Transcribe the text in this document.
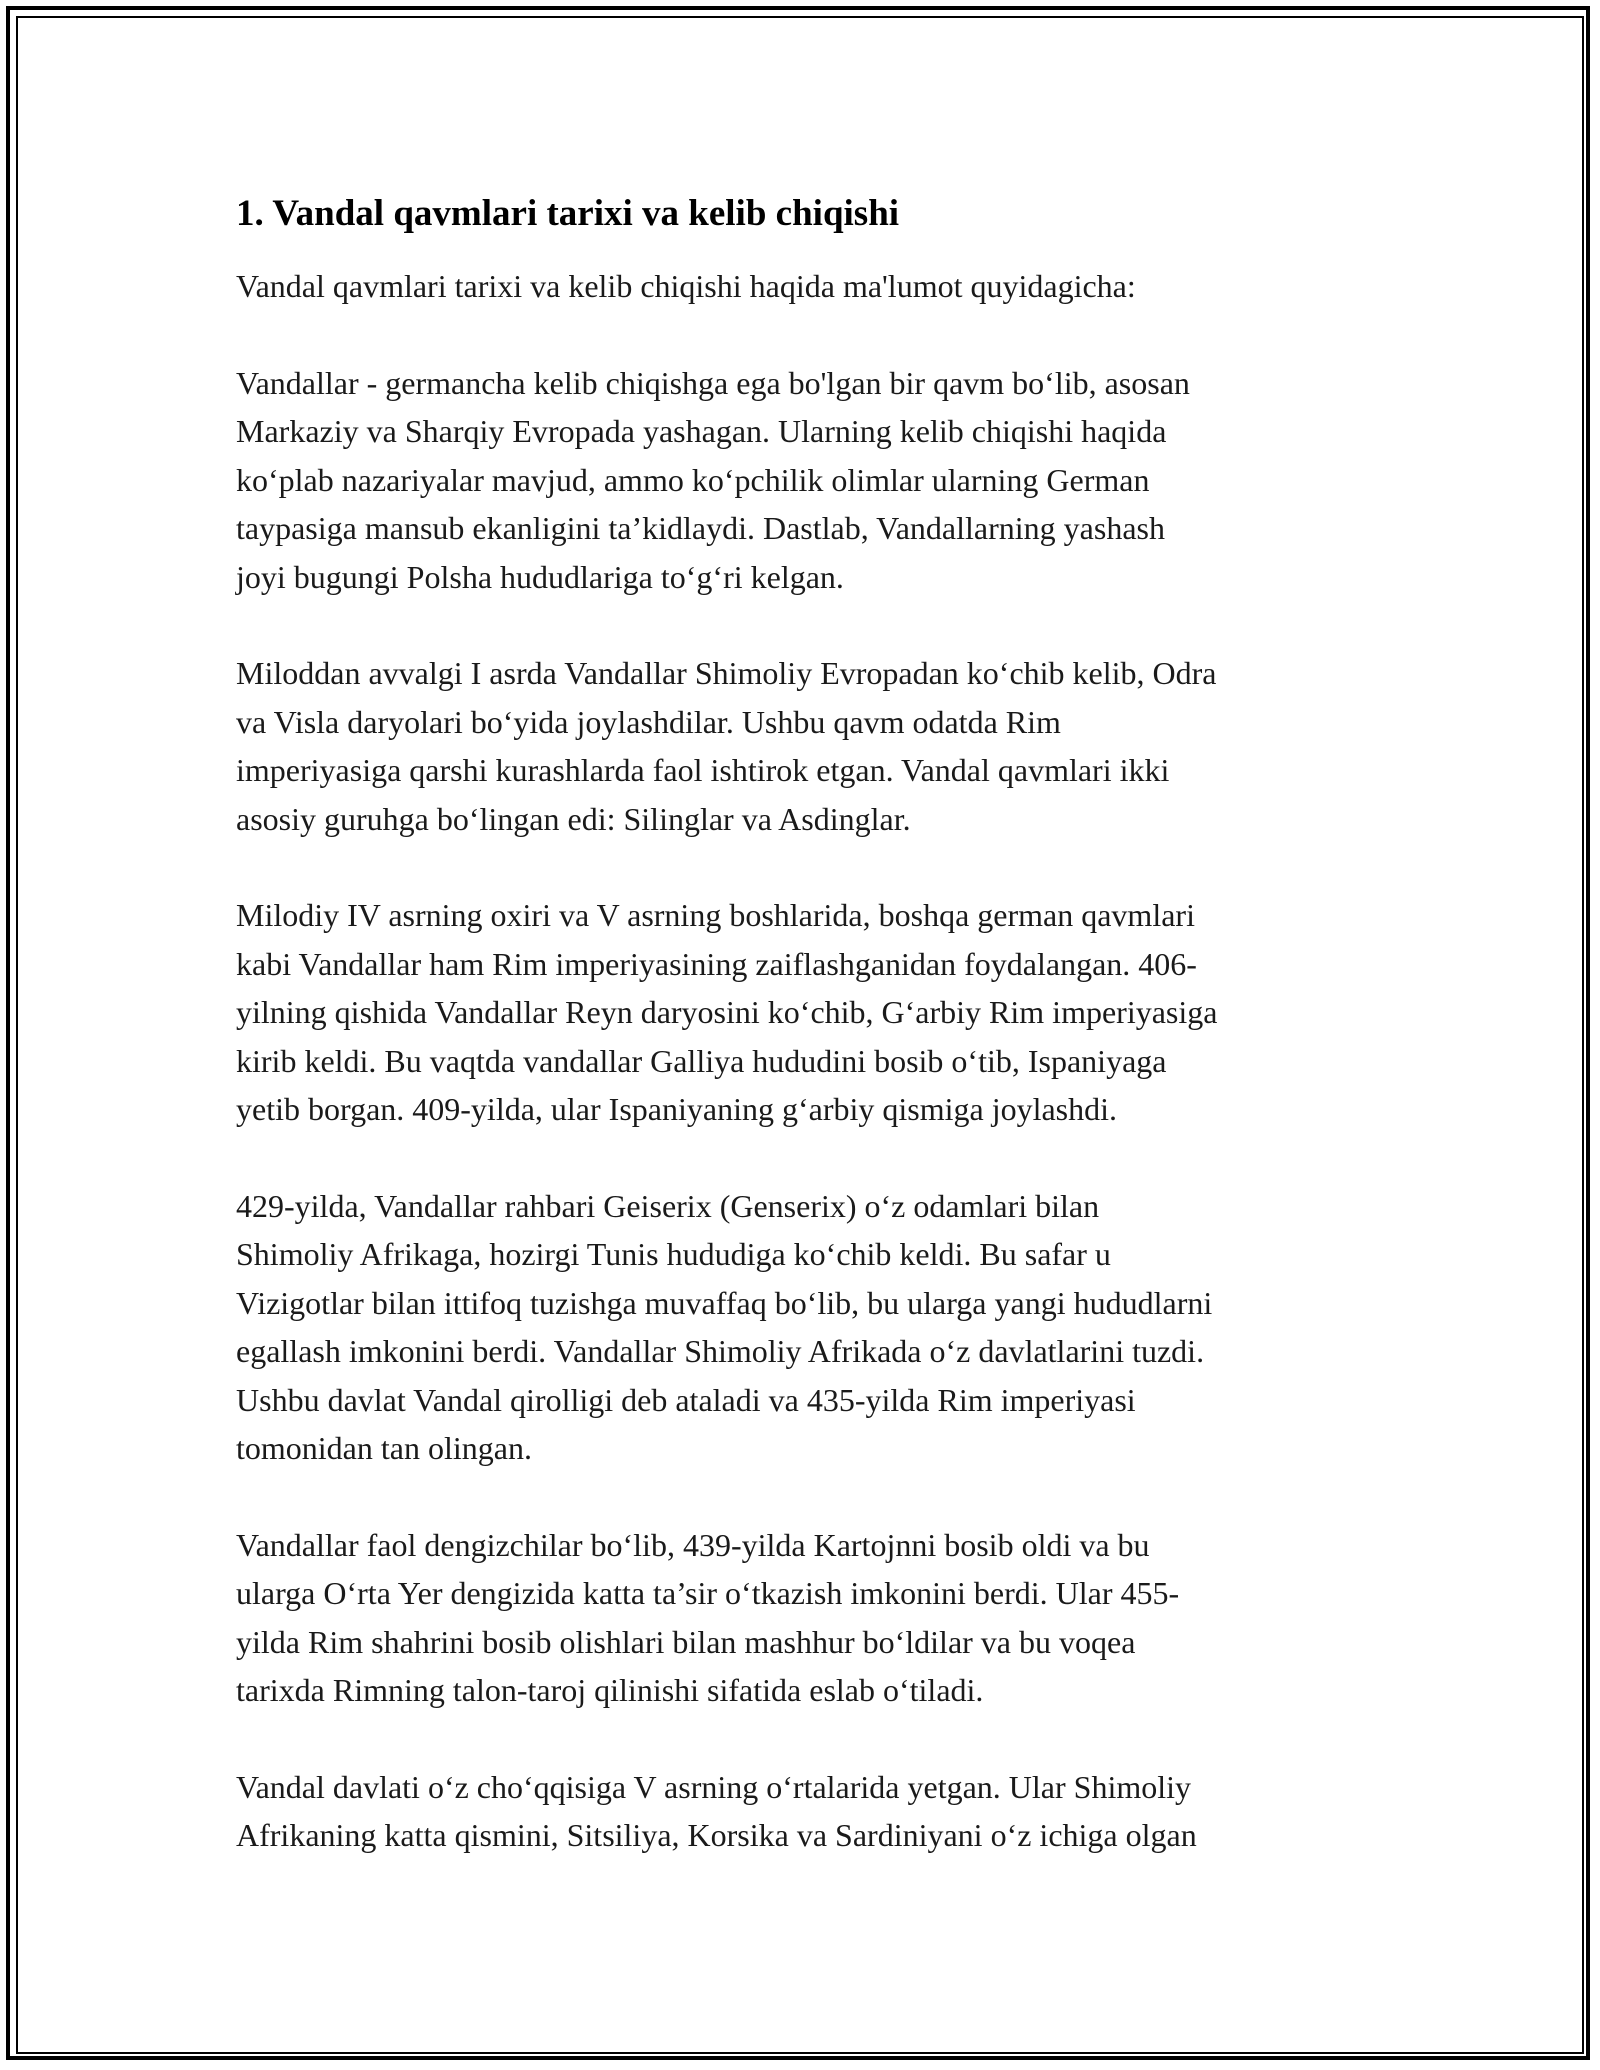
1. Vandal qavmlari tarixi va kelib chiqishi
Vandal qavmlari tarixi va kelib chiqishi haqida ma'lumot quyidagicha:
Vandallar - germancha kelib chiqishga ega bo'lgan bir qavm bo‘lib, asosan
Markaziy va Sharqiy Evropada yashagan. Ularning kelib chiqishi haqida
ko‘plab nazariyalar mavjud, ammo ko‘pchilik olimlar ularning German
taypasiga mansub ekanligini ta’kidlaydi. Dastlab, Vandallarning yashash
joyi bugungi Polsha hududlariga to‘g‘ri kelgan.
Miloddan avvalgi I asrda Vandallar Shimoliy Evropadan ko‘chib kelib, Odra
va Visla daryolari bo‘yida joylashdilar. Ushbu qavm odatda Rim
imperiyasiga qarshi kurashlarda faol ishtirok etgan. Vandal qavmlari ikki
asosiy guruhga bo‘lingan edi: Silinglar va Asdinglar.
Milodiy IV asrning oxiri va V asrning boshlarida, boshqa german qavmlari
kabi Vandallar ham Rim imperiyasining zaiflashganidan foydalangan. 406-
yilning qishida Vandallar Reyn daryosini ko‘chib, G‘arbiy Rim imperiyasiga
kirib keldi. Bu vaqtda vandallar Galliya hududini bosib o‘tib, Ispaniyaga
yetib borgan. 409-yilda, ular Ispaniyaning g‘arbiy qismiga joylashdi.
429-yilda, Vandallar rahbari Geiserix (Genserix) o‘z odamlari bilan
Shimoliy Afrikaga, hozirgi Tunis hududiga ko‘chib keldi. Bu safar u
Vizigotlar bilan ittifoq tuzishga muvaffaq bo‘lib, bu ularga yangi hududlarni
egallash imkonini berdi. Vandallar Shimoliy Afrikada o‘z davlatlarini tuzdi.
Ushbu davlat Vandal qirolligi deb ataladi va 435-yilda Rim imperiyasi
tomonidan tan olingan.
Vandallar faol dengizchilar bo‘lib, 439-yilda Kartojnni bosib oldi va bu
ularga O‘rta Yer dengizida katta ta’sir o‘tkazish imkonini berdi. Ular 455-
yilda Rim shahrini bosib olishlari bilan mashhur bo‘ldilar va bu voqea
tarixda Rimning talon-taroj qilinishi sifatida eslab o‘tiladi.
Vandal davlati o‘z cho‘qqisiga V asrning o‘rtalarida yetgan. Ular Shimoliy
Afrikaning katta qismini, Sitsiliya, Korsika va Sardiniyani o‘z ichiga olgan
